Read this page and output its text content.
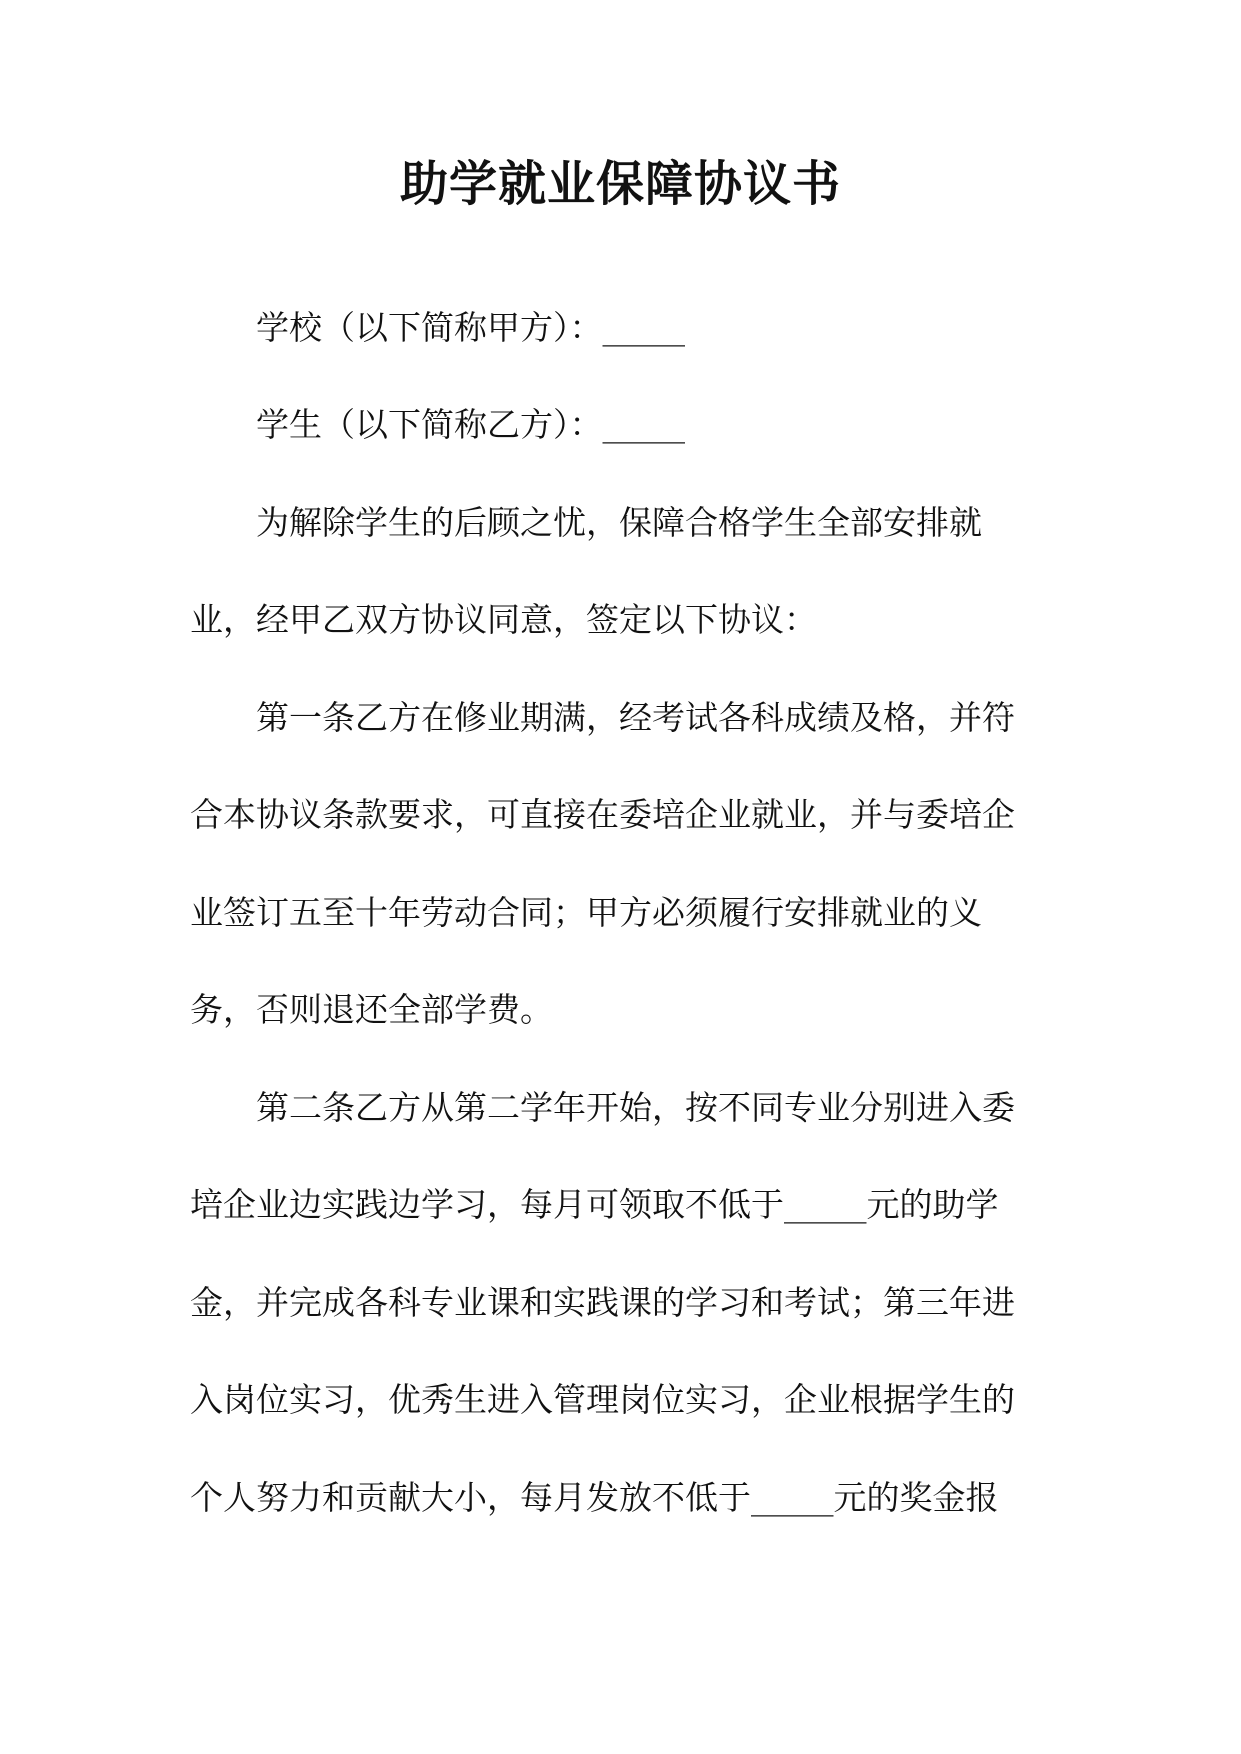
助学就业保障协议书

学校（以下简称甲方）：_____

学生（以下简称乙方）：_____

为解除学生的后顾之忧，保障合格学生全部安排就

业，经甲乙双方协议同意，签定以下协议：

第一条乙方在修业期满，经考试各科成绩及格，并符

合本协议条款要求，可直接在委培企业就业，并与委培企

业签订五至十年劳动合同；甲方必须履行安排就业的义

务，否则退还全部学费。

第二条乙方从第二学年开始，按不同专业分别进入委

培企业边实践边学习，每月可领取不低于_____元的助学

金，并完成各科专业课和实践课的学习和考试；第三年进

入岗位实习，优秀生进入管理岗位实习，企业根据学生的

个人努力和贡献大小，每月发放不低于_____元的奖金报
